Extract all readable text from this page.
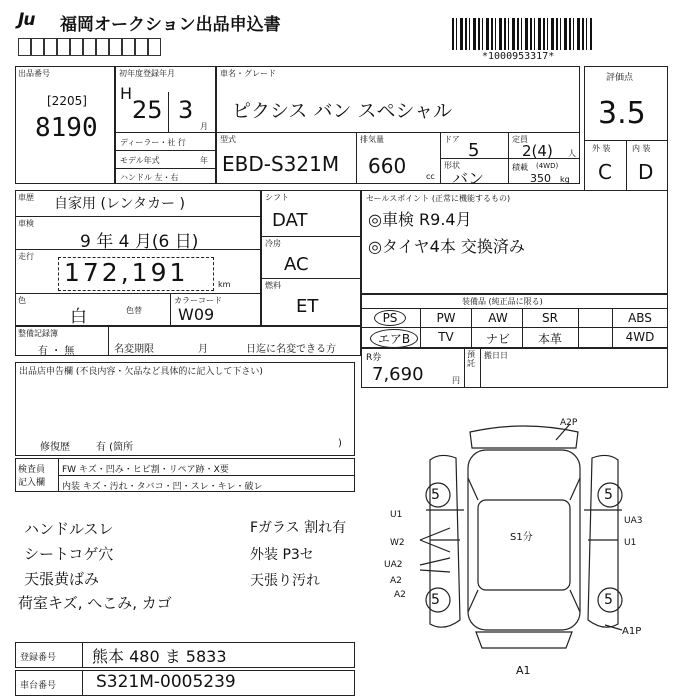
Ju 福岡オークション出品申込書
*1000953317*
出品番号
[2205]
8190
初年度登録年月
H
25 3
月
ディーラー・社 行
モデル年式	年
ハンドル 左・右
車名・グレード
ピクシス バン スペシャル
型式
EBD-S321M
排気量
660 cc
ドア
5
形状
バン
定員
2(4) 人
積載 (4WD)
350 kg
評価点
3.5
外 装	内 装
C D
車歴 自家用 (レンタカー )
車検
9 年 4 月(6 日)
走行
172,191	km
色
白	色替
カラーコード
W09
シフト
DAT
冷房
AC
燃料
ET
セールスポイント (正常に機能するもの)
◎車検 R9.4月
◎タイヤ4本 交換済み
装備品 (純正品に限る)
PS	PW	AW	SR	ABS
エアB	TV	ナビ	本革	4WD
整備記録簿
有 ・ 無	名変期限	月	日迄に名変できる方
R券
7,690	円
預託
搬日日
出品店申告欄 (不良内容・欠品など具体的に記入して下さい)
修復歴	有 (箇所	)
検査員
記入欄
FW キズ・凹み・ヒビ割・リペア跡・X要
内装 キズ・汚れ・タバコ・凹・スレ・キレ・破レ
ハンドルスレ
シートコゲ穴
天張黄ばみ
荷室キズ, へこみ, カゴ
Fガラス 割れ有
外装 P3セ
天張り汚れ
5	5
5	5
A2P
U1
W2
A2
UA2
A2
S1分
UA3
U1
A1P
A1
登録番号 熊本 480 ま 5833
車台番号 S321M-0005239
